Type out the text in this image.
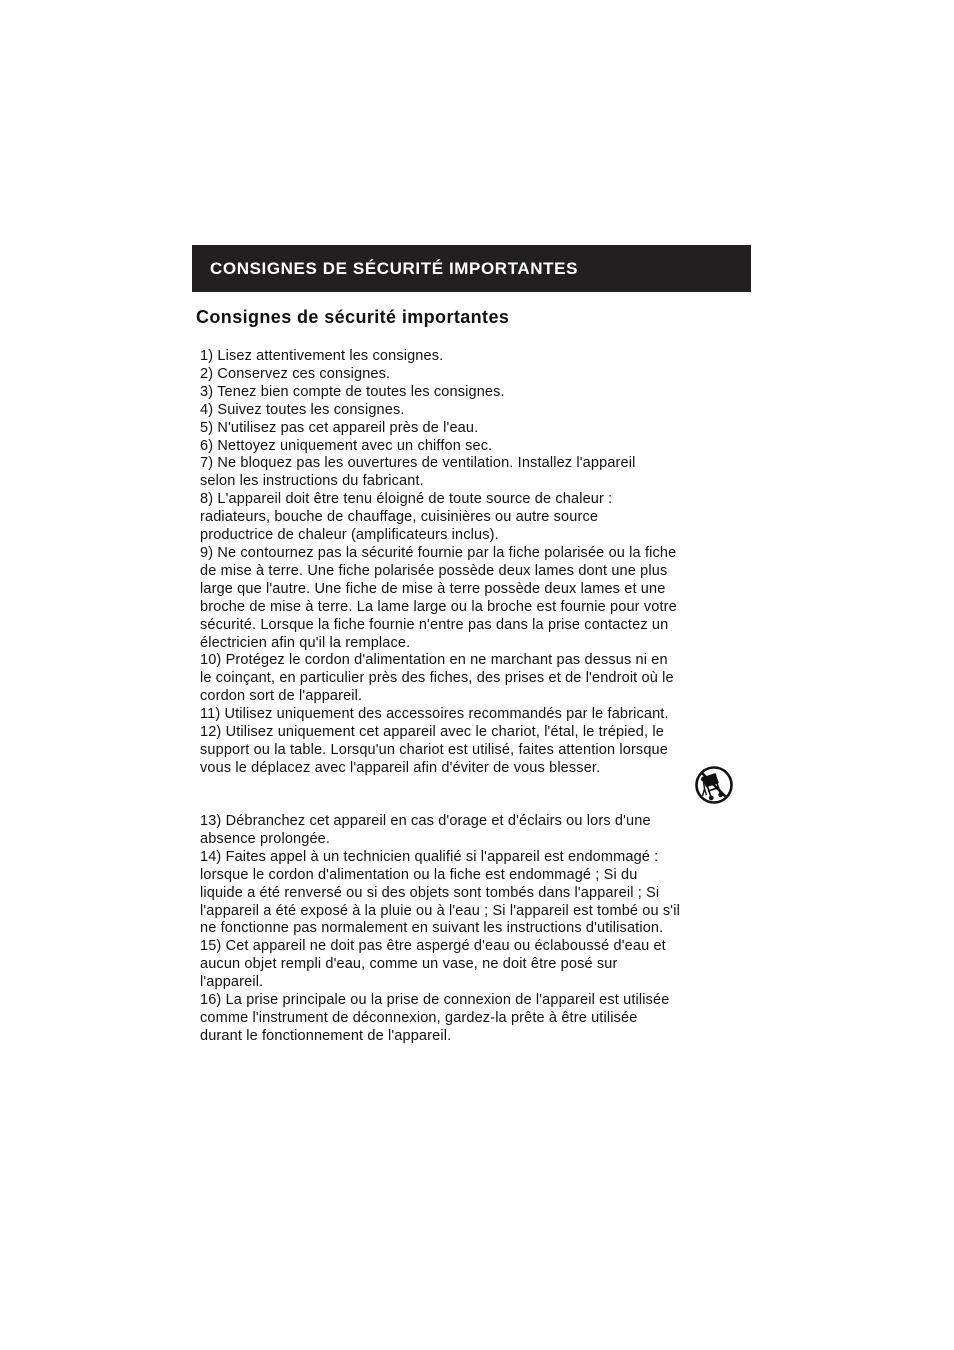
CONSIGNES DE SÉCURITÉ IMPORTANTES
Consignes de sécurité importantes

1) Lisez attentivement les consignes.

2) Conservez ces consignes.

3) Tenez bien compte de toutes les consignes.

4) Suivez toutes les consignes.

5) N'utilisez pas cet appareil près de l'eau.

6) Nettoyez uniquement avec un chiffon sec.

7) Ne bloquez pas les ouvertures de ventilation. Installez l'appareil
selon les instructions du fabricant.

8) L'appareil doit être tenu éloigné de toute source de chaleur :
radiateurs, bouche de chauffage, cuisinières ou autre source
productrice de chaleur (amplificateurs inclus).

9) Ne contournez pas la sécurité fournie par la fiche polarisée ou la fiche
de mise à terre. Une fiche polarisée possède deux lames dont une plus
large que l'autre. Une fiche de mise à terre possède deux lames et une
broche de mise à terre. La lame large ou la broche est fournie pour votre
sécurité. Lorsque la fiche fournie n'entre pas dans la prise contactez un
électricien afin qu'il la remplace.

10) Protégez le cordon d'alimentation en ne marchant pas dessus ni en
le coinçant, en particulier près des fiches, des prises et de l'endroit où le
cordon sort de l'appareil.

11) Utilisez uniquement des accessoires recommandés par le fabricant.

12) Utilisez uniquement cet appareil avec le chariot, l'étal, le trépied, le
support ou la table. Lorsqu'un chariot est utilisé, faites attention lorsque
vous le déplacez avec l'appareil afin d'éviter de vous blesser.

13) Débranchez cet appareil en cas d'orage et d'éclairs ou lors d'une
absence prolongée.

14) Faites appel à un technicien qualifié si l'appareil est endommagé :
lorsque le cordon d'alimentation ou la fiche est endommagé ; Si du
liquide a été renversé ou si des objets sont tombés dans l'appareil ; Si
l'appareil a été exposé à la pluie ou à l'eau ; Si l'appareil est tombé ou s'il
ne fonctionne pas normalement en suivant les instructions d'utilisation.

15) Cet appareil ne doit pas être aspergé d'eau ou éclaboussé d'eau et
aucun objet rempli d'eau, comme un vase, ne doit être posé sur
l'appareil.

16) La prise principale ou la prise de connexion de l'appareil est utilisée
comme l'instrument de déconnexion, gardez-la prête à être utilisée
durant le fonctionnement de l'appareil.
